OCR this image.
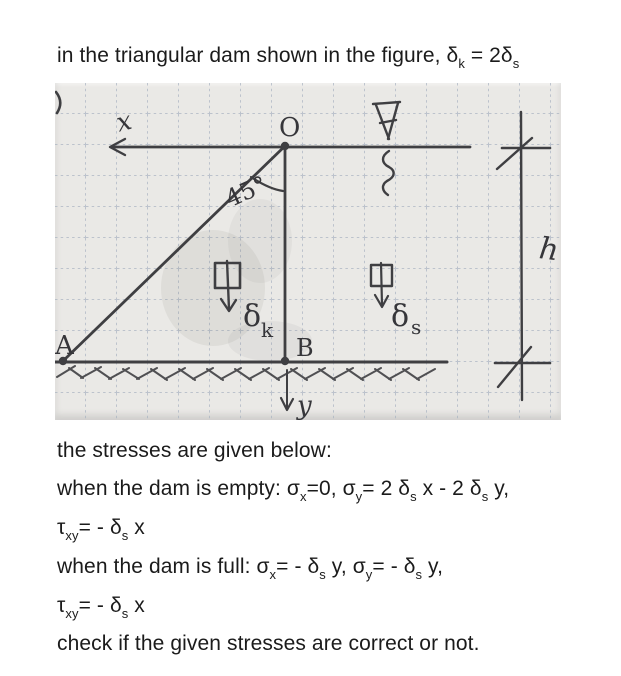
in the triangular dam shown in the figure, $\delta_k = 2\delta_s$

x	O
A	B
45°
y
δ k	δ s
h

the stresses are given below:

when the dam is empty: $\sigma_x=0$, $\sigma_y= 2$ $\delta_s$ x - 2 $\delta_s$ y,

$\tau_{xy}= - \delta_s$ x

when the dam is full: $\sigma_x= - \delta_s$ y, $\sigma_y= - \delta_s$ y,

$\tau_{xy}= - \delta_s$ x

check if the given stresses are correct or not.
